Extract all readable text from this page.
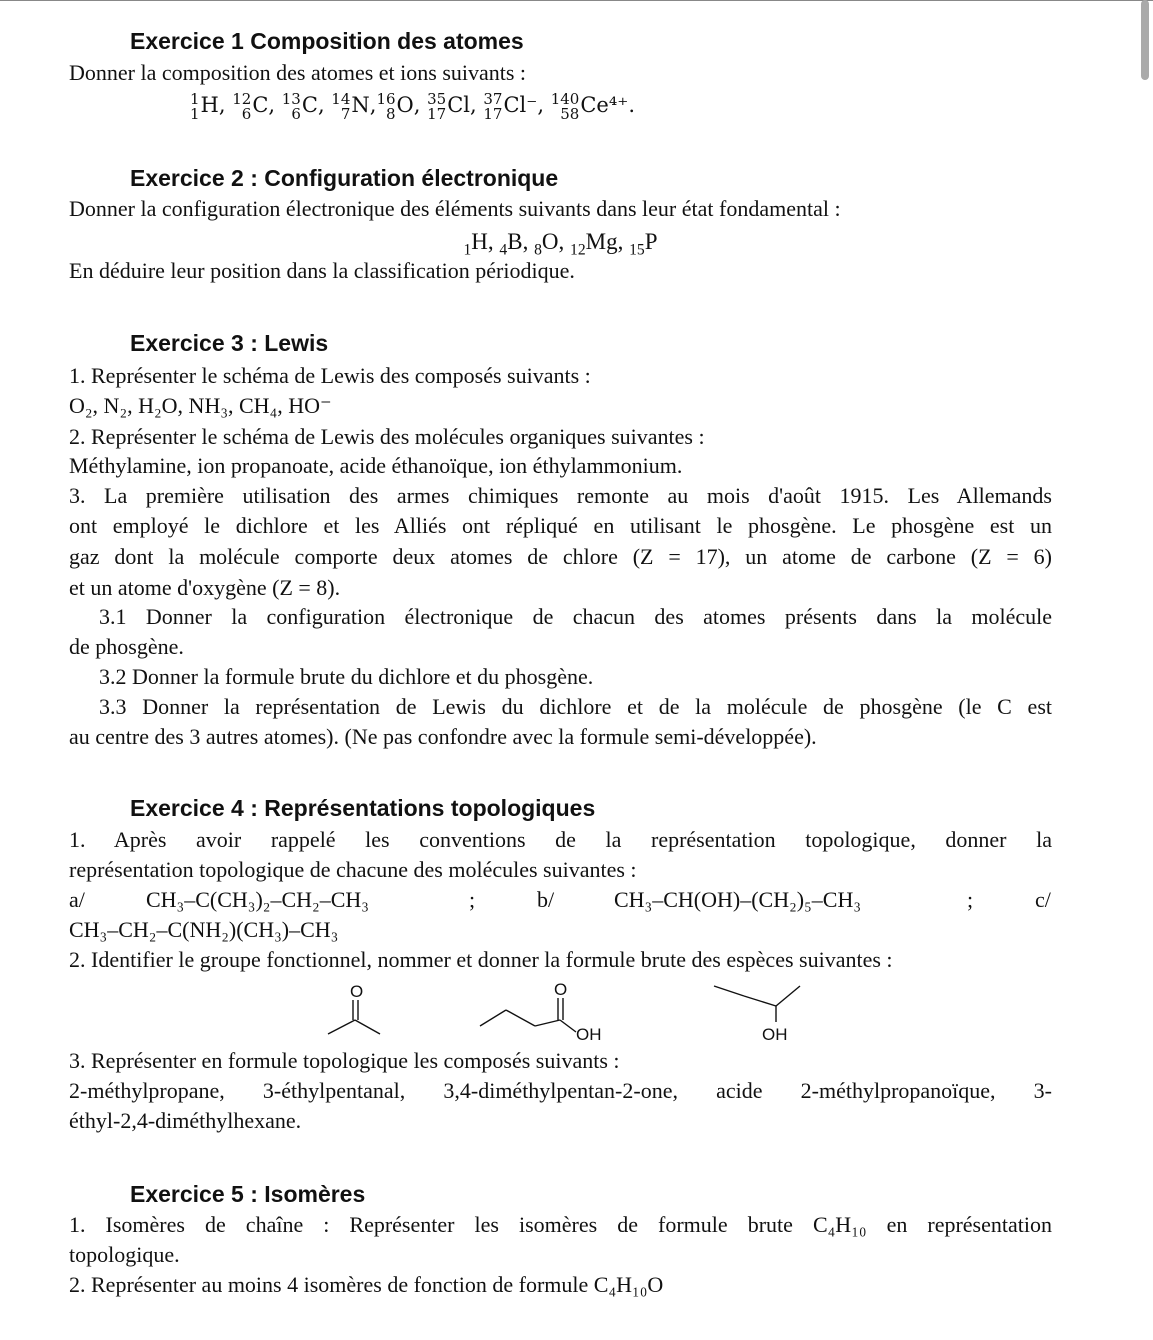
Exercice 1 Composition des atomes
Donner la composition des atomes et ions suivants :
1
1 H, 12
6 C, 13
6 C, 14
7 N, 16
8 O, 35
17 Cl, 37
17 Cl⁻, 140
58 Ce⁴⁺.
Exercice 2 : Configuration électronique
Donner la configuration électronique des éléments suivants dans leur état fondamental :
$_1$H, $_4$B, $_8$O, $_{12}$Mg, $_{15}$P
En déduire leur position dans la classification périodique.
Exercice 3 : Lewis
1. Représenter le schéma de Lewis des composés suivants :
O₂, N₂, H₂O, NH₃, CH₄, HO⁻
2. Représenter le schéma de Lewis des molécules organiques suivantes :
Méthylamine, ion propanoate, acide éthanoïque, ion éthylammonium.
3. La première utilisation des armes chimiques remonte au mois d'août 1915. Les Allemands
ont employé le dichlore et les Alliés ont répliqué en utilisant le phosgène. Le phosgène est un
gaz dont la molécule comporte deux atomes de chlore (Z = 17), un atome de carbone (Z = 6)
et un atome d'oxygène (Z = 8).
3.1 Donner la configuration électronique de chacun des atomes présents dans la molécule
de phosgène.
3.2 Donner la formule brute du dichlore et du phosgène.
3.3 Donner la représentation de Lewis du dichlore et de la molécule de phosgène (le C est
au centre des 3 autres atomes). (Ne pas confondre avec la formule semi-développée).
Exercice 4 : Représentations topologiques
1. Après avoir rappelé les conventions de la représentation topologique, donner la
représentation topologique de chacune des molécules suivantes :
a/	CH₃–C(CH₃)₂–CH₂–CH₃	;	b/	CH₃–CH(OH)–(CH₂)₅–CH₃	;	c/
CH₃–CH₂–C(NH₂)(CH₃)–CH₃
2. Identifier le groupe fonctionnel, nommer et donner la formule brute des espèces suivantes :
O	O
OH	OH
3. Représenter en formule topologique les composés suivants :
2-méthylpropane, 3-éthylpentanal, 3,4-diméthylpentan-2-one, acide 2-méthylpropanoïque, 3-
éthyl-2,4-diméthylhexane.
Exercice 5 : Isomères
1. Isomères de chaîne : Représenter les isomères de formule brute C₄H₁₀ en représentation
topologique.
2. Représenter au moins 4 isomères de fonction de formule C₄H₁₀O
